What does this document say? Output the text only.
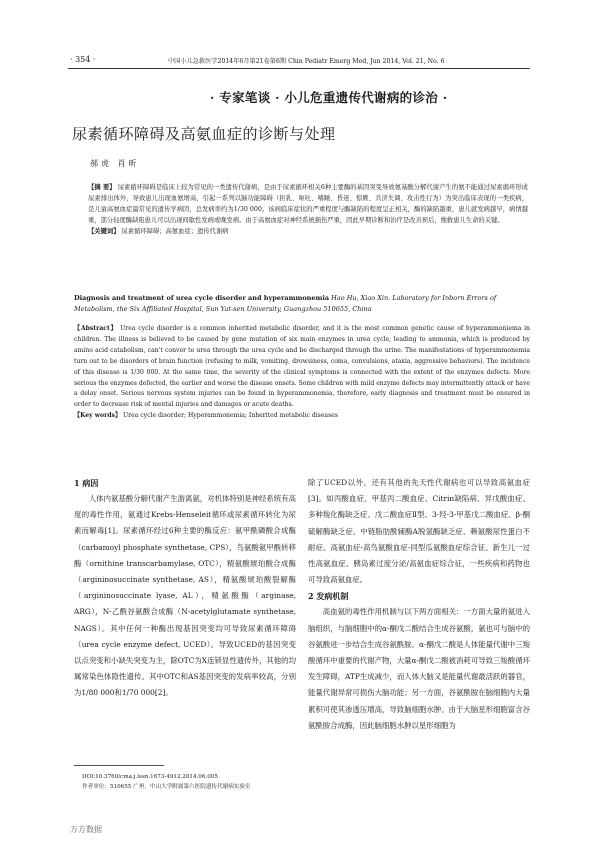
· 354 ·	中国小儿急救医学2014年6月第21卷第6期 Chin Pediatr Emerg Med, Jun 2014, Vol. 21, No. 6
· 专家笔谈 · 小儿危重遗传代谢病的诊治 ·
尿素循环障碍及高氨血症的诊断与处理
郝虎 肖昕
【摘 要】 尿素循环障碍是临床上较为常见的一类遗传代谢病，是由于尿素循环相关6种主要酶的基因突变导致氨基酸分解代谢产生的氨不能通过尿素循环形成尿素排出体外，导致患儿出现血氨增高，引起一系列以脑功能障碍（拒乳、呕吐、嗜睡、昏迷、惊厥、共济失调、攻击性行为）为突出临床表现的一类疾病，是儿童高氨血症最常见的遗传学病因，总发病率约为1/30 000。该病临床症状的严重程度与酶缺陷的程度呈正相关，酶的缺陷越重，患儿就发病越早，病情越重，部分轻度酶缺陷患儿可以出现间歇性发病或晚发病。由于高氨血症对神经系统损伤严重，因此早期诊断和治疗是改善预后，挽救患儿生命的关键。
【关键词】 尿素循环障碍；高氨血症；遗传代谢病
Diagnosis and treatment of urea cycle disorder and hyperammonemia Hao Hu, Xiao Xin. Laboratory for Inborn Errors of Metabolism, the Six Affiliated Hospital, Sun Yat-sen University, Guangzhou 510655, China
【Abstract】 Urea cycle disorder is a common inherited metabolic disorder, and it is the most common genetic cause of hyperammoniema in children. The illness is believed to be caused by gene mutation of six main enzymes in urea cycle, leading to ammonia, which is produced by amino acid catabolism, can't conver to urea through the urea cycle and be discharged through the urine. The manifestations of hyperammonemia turn out to be disorders of brain function (refusing to milk, vomiting, drowsiness, coma, convulsions, ataxia, aggressive behaviors). The incidence of this disease is 1/30 000. At the same time, the severity of the clinical symptoms is connected with the extent of the enzymes defects. More serious the enzymes defected, the earlier and worse the disease onsets. Some children with mild enzyme defects may intermittently attack or have a delay onset. Serious nervous system injuries can be found in hyperammonemia, therefore, early diagnosis and treatment must be ensured in order to decrease risk of mental injuries and damages or acute deaths.
【Key words】 Urea cycle disorder; Hyperammonemia; Inherited metabolic diseases
1 病因
人体内氨基酸分解代谢产生游离氨，对机体特别是神经系统有高度的毒性作用，氨通过Krebs-Henseleit循环或尿素循环转化为尿素而解毒[1]。尿素循环经过6种主要的酶反应：氨甲酰磷酸合成酶（carbamoyl phosphate synthetase, CPS），鸟氨酸氨甲酰转移酶（ornithine transcarbamylase, OTC），精氨酸琥珀酸合成酶（argininosuccinate synthetase, AS），精氨酸琥珀酸裂解酶（argininosuccinate lyase, AL），精氨酸酶（arginase, ARG），N-乙酰谷氨酸合成酶（N-acetylglutamate synthetase, NAGS）。其中任何一种酶出现基因突变均可导致尿素循环障碍（urea cycle enzyme defect, UCED）。导致UCED的基因突变以点突变和小缺失突变为主，除OTC为X连锁显性遗传外，其他的均属常染色体隐性遗传。其中OTC和AS基因突变的发病率较高，分别为1/80 000和1/70 000[2]。
除了UCED以外，还有其他的先天性代谢病也可以导致高氨血症[3]。如丙酸血症、甲基丙二酸血症、Citrin缺陷病、异戊酸血症、多种羧化酶缺乏症、戊二酸血症Ⅱ型、3-羟-3-甲基戊二酸血症、β-酮硫解酶缺乏症、中链脂肪酰辅酶A脱氢酶缺乏症、赖氨酸尿性蛋白不耐症、高氨血症-高鸟氨酸血症-同型瓜氨酸血症综合征、新生儿一过性高氨血症、胰岛素过度分泌/高氨血症综合征，一些疾病和药物也可导致高氨血症。
2 发病机制
高血氨的毒性作用机制与以下两方面相关：一方面大量的氨进入脑组织，与脑细胞中的α-酮戊二酸结合生成谷氨酸，氨也可与脑中的谷氨酸进一步结合生成谷氨酰胺。α-酮戊二酸是人体能量代谢中三羧酸循环中重要的代谢产物，大量α-酮戊二酸被消耗可导致三羧酸循环发生障碍，ATP生成减少，而人体大脑又是能量代谢最活跃的器官，能量代谢异常可损伤大脑功能；另一方面，谷氨酰胺在脑细胞内大量累积可使其渗透压增高，导致脑细胞水肿。由于大脑星形细胞富含谷氨酰胺合成酶，因此脑细胞水肿以星形细胞为
DOI:10.3760/cma.j.issn.1673-4912.2014.06.005
作者单位：510655 广州，中山大学附属第六医院遗传代谢病实验室
万方数据
